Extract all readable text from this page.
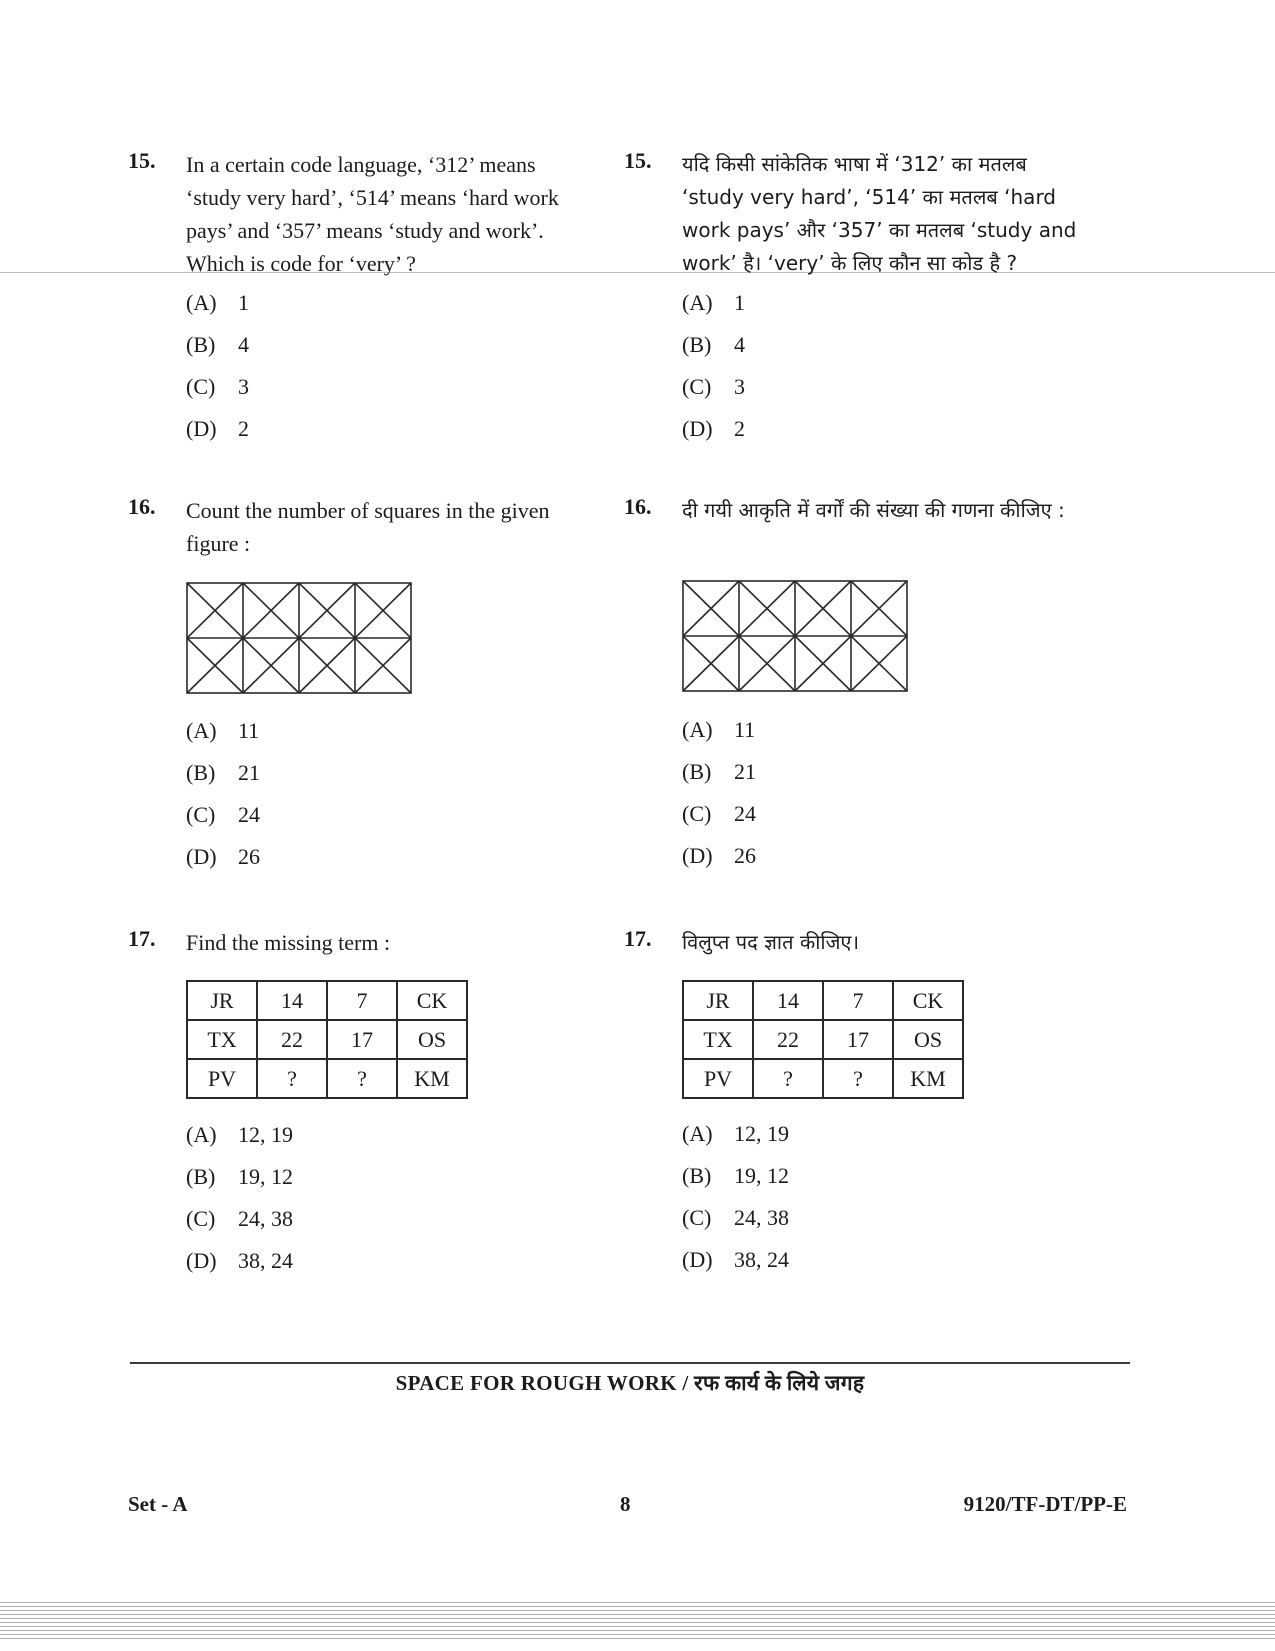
15. In a certain code language, ‘312’ means ‘study very hard’, ‘514’ means ‘hard work pays’ and ‘357’ means ‘study and work’. Which is code for ‘very’ ?
(A) 1
(B)	4
(C)	3
(D) 2
16. Count the number of squares in the given figure :
(A) 11
(B)	21
(C)	24
(D) 26
17. Find the missing term :
JR	14	7	CK
TX	22	17	OS
PV	?	?	KM
(A) 12, 19
(B)	19, 12
(C)	24, 38
(D) 38, 24
15. यदि किसी सांकेतिक भाषा में ‘312’ का मतलब ‘study very hard’, ‘514’ का मतलब ‘hard work pays’ और ‘357’ का मतलब ‘study and work’ है। ‘very’ के लिए कौन सा कोड है ?
(A) 1
(B)	4
(C)	3
(D) 2
16. दी गयी आकृति में वर्गों की संख्या की गणना कीजिए :
(A) 11
(B)	21
(C)	24
(D) 26
17. विलुप्त पद ज्ञात कीजिए।
JR	14	7	CK
TX	22	17	OS
PV	?	?	KM
(A) 12, 19
(B)	19, 12
(C)	24, 38
(D) 38, 24
SPACE FOR ROUGH WORK / रफ कार्य के लिये जगह
Set - A	8	9120/TF-DT/PP-E
